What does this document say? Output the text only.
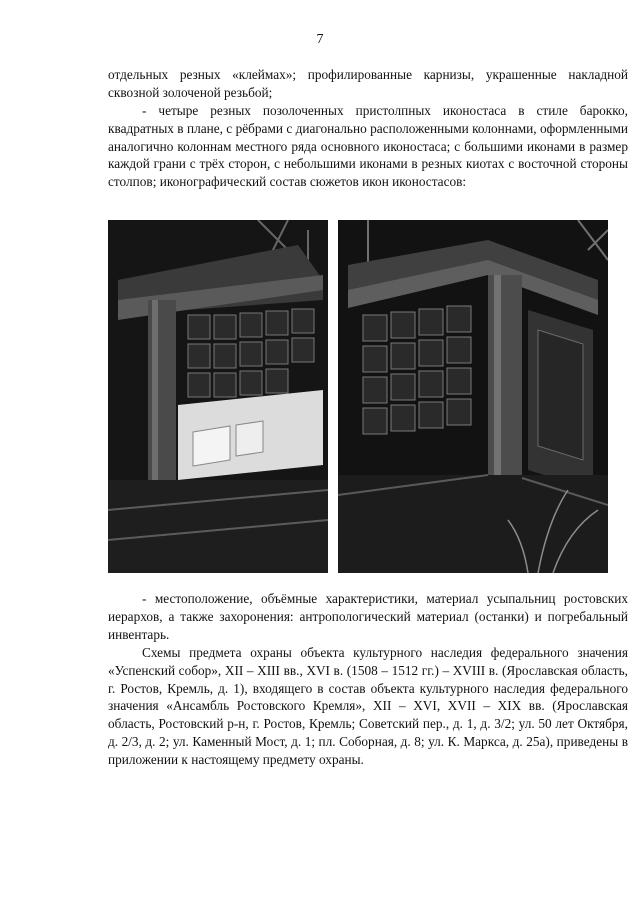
7

отдельных резных «клеймах»; профилированные карнизы, украшенные накладной сквозной золоченой резьбой;

- четыре резных позолоченных пристолпных иконостаса в стиле барокко, квадратных в плане, с рёбрами с диагонально расположенными колоннами, оформленными аналогично колоннам местного ряда основного иконостаса; с большими иконами в размер каждой грани с трёх сторон, с небольшими иконами в резных киотах с восточной стороны столпов; иконографический состав сюжетов икон иконостасов:

- местоположение, объёмные характеристики, материал усыпальниц ростовских иерархов, а также захоронения: антропологический материал (останки) и погребальный инвентарь.

Схемы предмета охраны объекта культурного наследия федерального значения «Успенский собор», XII – XIII вв., XVI в. (1508 – 1512 гг.) – XVIII в. (Ярославская область, г. Ростов, Кремль, д. 1), входящего в состав объекта культурного наследия федерального значения «Ансамбль Ростовского Кремля», XII – XVI, XVII – XIX вв. (Ярославская область, Ростовский р-н, г. Ростов, Кремль; Советский пер., д. 1, д. 3/2; ул. 50 лет Октября, д. 2/3, д. 2; ул. Каменный Мост, д. 1; пл. Соборная, д. 8; ул. К. Маркса, д. 25а), приведены в приложении к настоящему предмету охраны.
